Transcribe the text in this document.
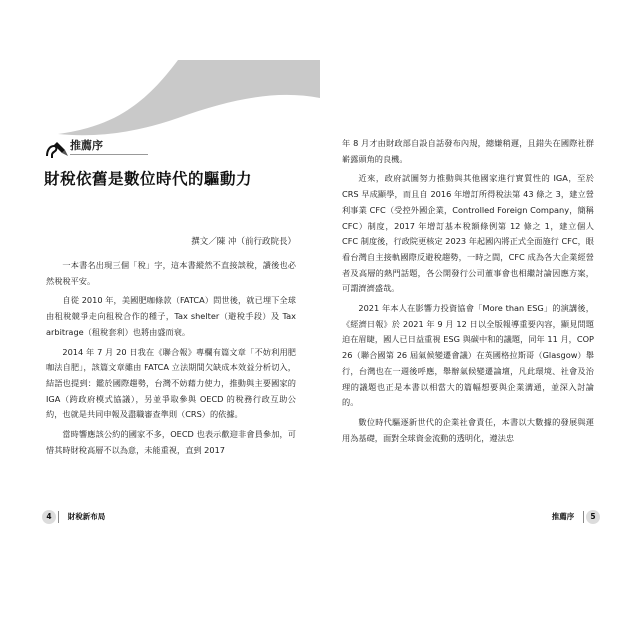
推薦序
財稅依舊是數位時代的驅動力
撰文／陳 冲（前行政院長）

一本書名出現三個「稅」字，這本書縱然不直接談稅，讀後也必然稅稅平安。

自從 2010 年，美國肥咖條款（FATCA）問世後，就已埋下全球由租稅競爭走向租稅合作的種子，Tax shelter（避稅手段）及 Tax arbitrage（租稅套利）也將由盛而衰。

2014 年 7 月 20 日我在《聯合報》專欄有篇文章「不妨利用肥咖法自肥」，該篇文章雖由 FATCA 立法期間欠缺成本效益分析切入，結語也提到：鑑於國際趨勢，台灣不妨藉力使力，推動與主要國家的 IGA（跨政府模式協議），另並爭取參與 OECD 的稅務行政互助公約，也就是共同申報及盡職審查準則（CRS）的依據。

當時響應該公約的國家不多，OECD 也表示歡迎非會員參加，可惜其時財稅高層不以為意，未能重視，直到 2017

4 財稅新布局

年 8 月才由財政部自設自話發布內規，總嫌稍遲，且錯失在國際社群嶄露頭角的良機。

近來，政府試圖努力推動與其他國家進行實質性的 IGA，至於 CRS 早成顯學，而且自 2016 年增訂所得稅法第 43 條之 3，建立營利事業 CFC（受控外國企業，Controlled Foreign Company，簡稱 CFC）制度，2017 年增訂基本稅額條例第 12 條之 1，建立個人 CFC 制度後，行政院更核定 2023 年起國內將正式全面施行 CFC，眼看台灣自主接軌國際反避稅趨勢，一時之間，CFC 成為各大企業經營者及高層的熱門話題，各公開發行公司董事會也相繼討論因應方案，可謂濟濟盛哉。

2021 年本人在影響力投資協會「More than ESG」的演講後，《經濟日報》於 2021 年 9 月 12 日以全版報導重要內容，顯見問題迫在眉睫，國人已日益重視 ESG 與碳中和的議題，同年 11 月，COP 26（聯合國第 26 屆氣候變遷會議）在英國格拉斯哥（Glasgow）舉行，台灣也在一週後呼應，舉辦氣候變遷論壇，凡此環境、社會及治理的議題也正是本書以相當大的篇幅想要與企業溝通，並深入討論的。

數位時代驅逐新世代的企業社會責任，本書以大數據的發展與運用為基礎，面對全球資金流動的透明化，遵法忠

推薦序 5
